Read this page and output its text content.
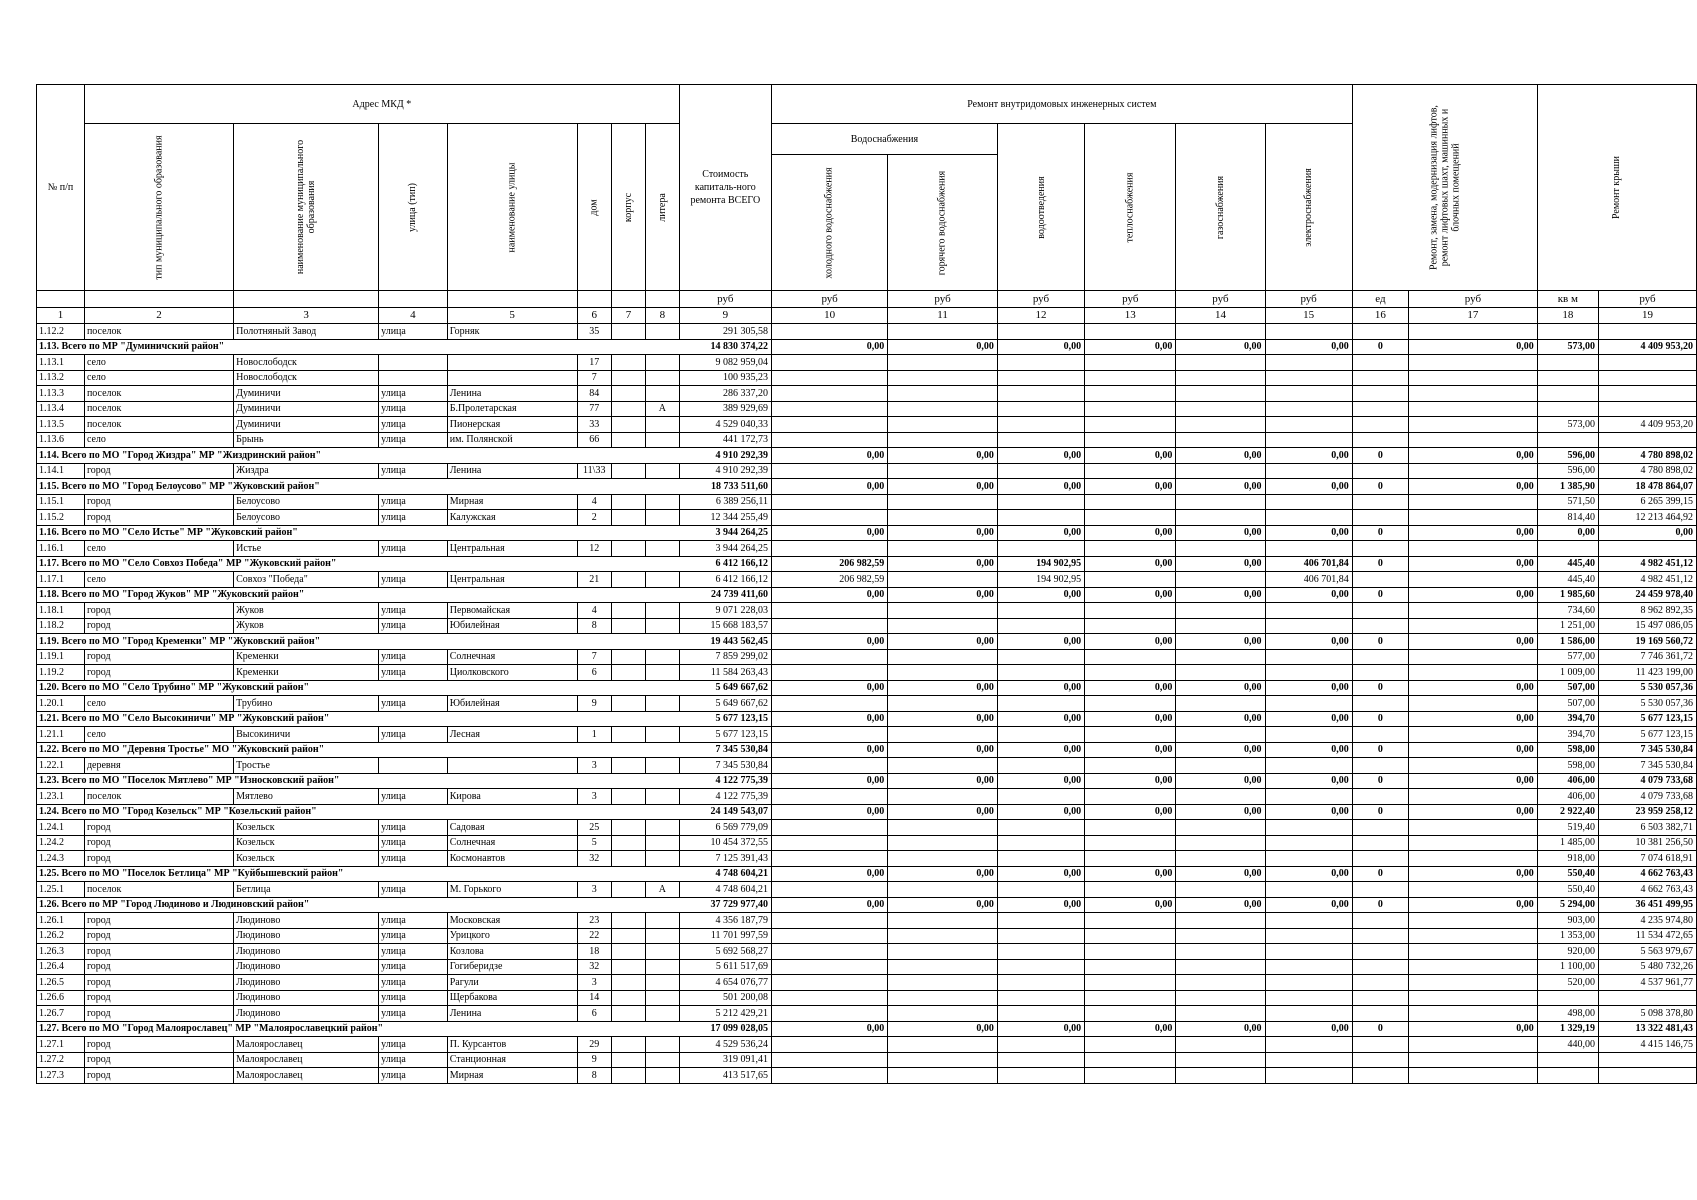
№ п/п	Адрес МКД *							Стоимость капиталь-ного ремонта ВСЕГО	Ремонт внутридомовых инженерных систем						Ремонт, замена, модернизация лифтов, ремонт лифтовых шахт, машинных и блочных помещений		Ремонт крыши	
	тип муниципального образования	наименование муниципального образования	улица (тип)	наименование улицы	дом	корпус	литера		Водоснабжения		водоотведения	теплоснабжения	газоснабжения	электроснабжения				
									холодного водоснабжения	горячего водоснабжения								
								руб	руб	руб	руб	руб	руб	руб	ед	руб	кв м	руб
1	2	3	4	5	6	7	8	9	10	11	12	13	14	15	16	17	18	19
1.12.2	поселок	Полотняный Завод	улица	Горняк	35			291 305,58										
1.13. Всего по МР "Думиничский район"								14 830 374,22	0,00	0,00	0,00	0,00	0,00	0,00	0	0,00	573,00	4 409 953,20
1.13.1	село	Новослободск			17			9 082 959,04										
1.13.2	село	Новослободск			7			100 935,23										
1.13.3	поселок	Думиничи	улица	Ленина	84			286 337,20										
1.13.4	поселок	Думиничи	улица	Б.Пролетарская	77		А	389 929,69										
1.13.5	поселок	Думиничи	улица	Пионерская	33			4 529 040,33									573,00	4 409 953,20
1.13.6	село	Брынь	улица	им. Полянской	66			441 172,73										
1.14. Всего по МО "Город Жиздра" МР "Жиздринский район"								4 910 292,39	0,00	0,00	0,00	0,00	0,00	0,00	0	0,00	596,00	4 780 898,02
1.14.1	город	Жиздра	улица	Ленина	11\33			4 910 292,39									596,00	4 780 898,02
1.15. Всего по МО "Город Белоусово" МР "Жуковский район"								18 733 511,60	0,00	0,00	0,00	0,00	0,00	0,00	0	0,00	1 385,90	18 478 864,07
1.15.1	город	Белоусово	улица	Мирная	4			6 389 256,11									571,50	6 265 399,15
1.15.2	город	Белоусово	улица	Калужская	2			12 344 255,49									814,40	12 213 464,92
1.16. Всего по МО "Село Истье" МР "Жуковский район"								3 944 264,25	0,00	0,00	0,00	0,00	0,00	0,00	0	0,00	0,00	0,00
1.16.1	село	Истье	улица	Центральная	12			3 944 264,25										
1.17. Всего по МО "Село Совхоз Победа" МР "Жуковский район"								6 412 166,12	206 982,59	0,00	194 902,95	0,00	0,00	406 701,84	0	0,00	445,40	4 982 451,12
1.17.1	село	Совхоз "Победа"	улица	Центральная	21			6 412 166,12	206 982,59		194 902,95			406 701,84			445,40	4 982 451,12
1.18. Всего по МО "Город Жуков" МР "Жуковский район"								24 739 411,60	0,00	0,00	0,00	0,00	0,00	0,00	0	0,00	1 985,60	24 459 978,40
1.18.1	город	Жуков	улица	Первомайская	4			9 071 228,03									734,60	8 962 892,35
1.18.2	город	Жуков	улица	Юбилейная	8			15 668 183,57									1 251,00	15 497 086,05
1.19. Всего по МО "Город Кременки" МР "Жуковский район"								19 443 562,45	0,00	0,00	0,00	0,00	0,00	0,00	0	0,00	1 586,00	19 169 560,72
1.19.1	город	Кременки	улица	Солнечная	7			7 859 299,02									577,00	7 746 361,72
1.19.2	город	Кременки	улица	Циолковского	6			11 584 263,43									1 009,00	11 423 199,00
1.20. Всего по МО "Село Трубино" МР "Жуковский район"								5 649 667,62	0,00	0,00	0,00	0,00	0,00	0,00	0	0,00	507,00	5 530 057,36
1.20.1	село	Трубино	улица	Юбилейная	9			5 649 667,62									507,00	5 530 057,36
1.21. Всего по МО "Село Высокиничи" МР "Жуковский район"								5 677 123,15	0,00	0,00	0,00	0,00	0,00	0,00	0	0,00	394,70	5 677 123,15
1.21.1	село	Высокиничи	улица	Лесная	1			5 677 123,15									394,70	5 677 123,15
1.22. Всего по МО "Деревня Тростье" МО "Жуковский район"								7 345 530,84	0,00	0,00	0,00	0,00	0,00	0,00	0	0,00	598,00	7 345 530,84
1.22.1	деревня	Тростье			3			7 345 530,84									598,00	7 345 530,84
1.23. Всего по МО "Поселок Мятлево" МР "Износковский район"								4 122 775,39	0,00	0,00	0,00	0,00	0,00	0,00	0	0,00	406,00	4 079 733,68
1.23.1	поселок	Мятлево	улица	Кирова	3			4 122 775,39									406,00	4 079 733,68
1.24. Всего по МО "Город Козельск" МР "Козельский район"								24 149 543,07	0,00	0,00	0,00	0,00	0,00	0,00	0	0,00	2 922,40	23 959 258,12
1.24.1	город	Козельск	улица	Садовая	25			6 569 779,09									519,40	6 503 382,71
1.24.2	город	Козельск	улица	Солнечная	5			10 454 372,55									1 485,00	10 381 256,50
1.24.3	город	Козельск	улица	Космонавтов	32			7 125 391,43									918,00	7 074 618,91
1.25. Всего по МО "Поселок Бетлица" МР "Куйбышевский район"								4 748 604,21	0,00	0,00	0,00	0,00	0,00	0,00	0	0,00	550,40	4 662 763,43
1.25.1	поселок	Бетлица	улица	М. Горького	3		А	4 748 604,21									550,40	4 662 763,43
1.26. Всего по МР "Город Людиново и Людиновский район"								37 729 977,40	0,00	0,00	0,00	0,00	0,00	0,00	0	0,00	5 294,00	36 451 499,95
1.26.1	город	Людиново	улица	Московская	23			4 356 187,79									903,00	4 235 974,80
1.26.2	город	Людиново	улица	Урицкого	22			11 701 997,59									1 353,00	11 534 472,65
1.26.3	город	Людиново	улица	Козлова	18			5 692 568,27									920,00	5 563 979,67
1.26.4	город	Людиново	улица	Гогиберидзе	32			5 611 517,69									1 100,00	5 480 732,26
1.26.5	город	Людиново	улица	Рагули	3			4 654 076,77									520,00	4 537 961,77
1.26.6	город	Людиново	улица	Щербакова	14			501 200,08										
1.26.7	город	Людиново	улица	Ленина	6			5 212 429,21									498,00	5 098 378,80
1.27. Всего по МО "Город Малоярославец" МР "Малоярославецкий район"								17 099 028,05	0,00	0,00	0,00	0,00	0,00	0,00	0	0,00	1 329,19	13 322 481,43
1.27.1	город	Малоярославец	улица	П. Курсантов	29			4 529 536,24									440,00	4 415 146,75
1.27.2	город	Малоярославец	улица	Станционная	9			319 091,41										
1.27.3	город	Малоярославец	улица	Мирная	8			413 517,65										
